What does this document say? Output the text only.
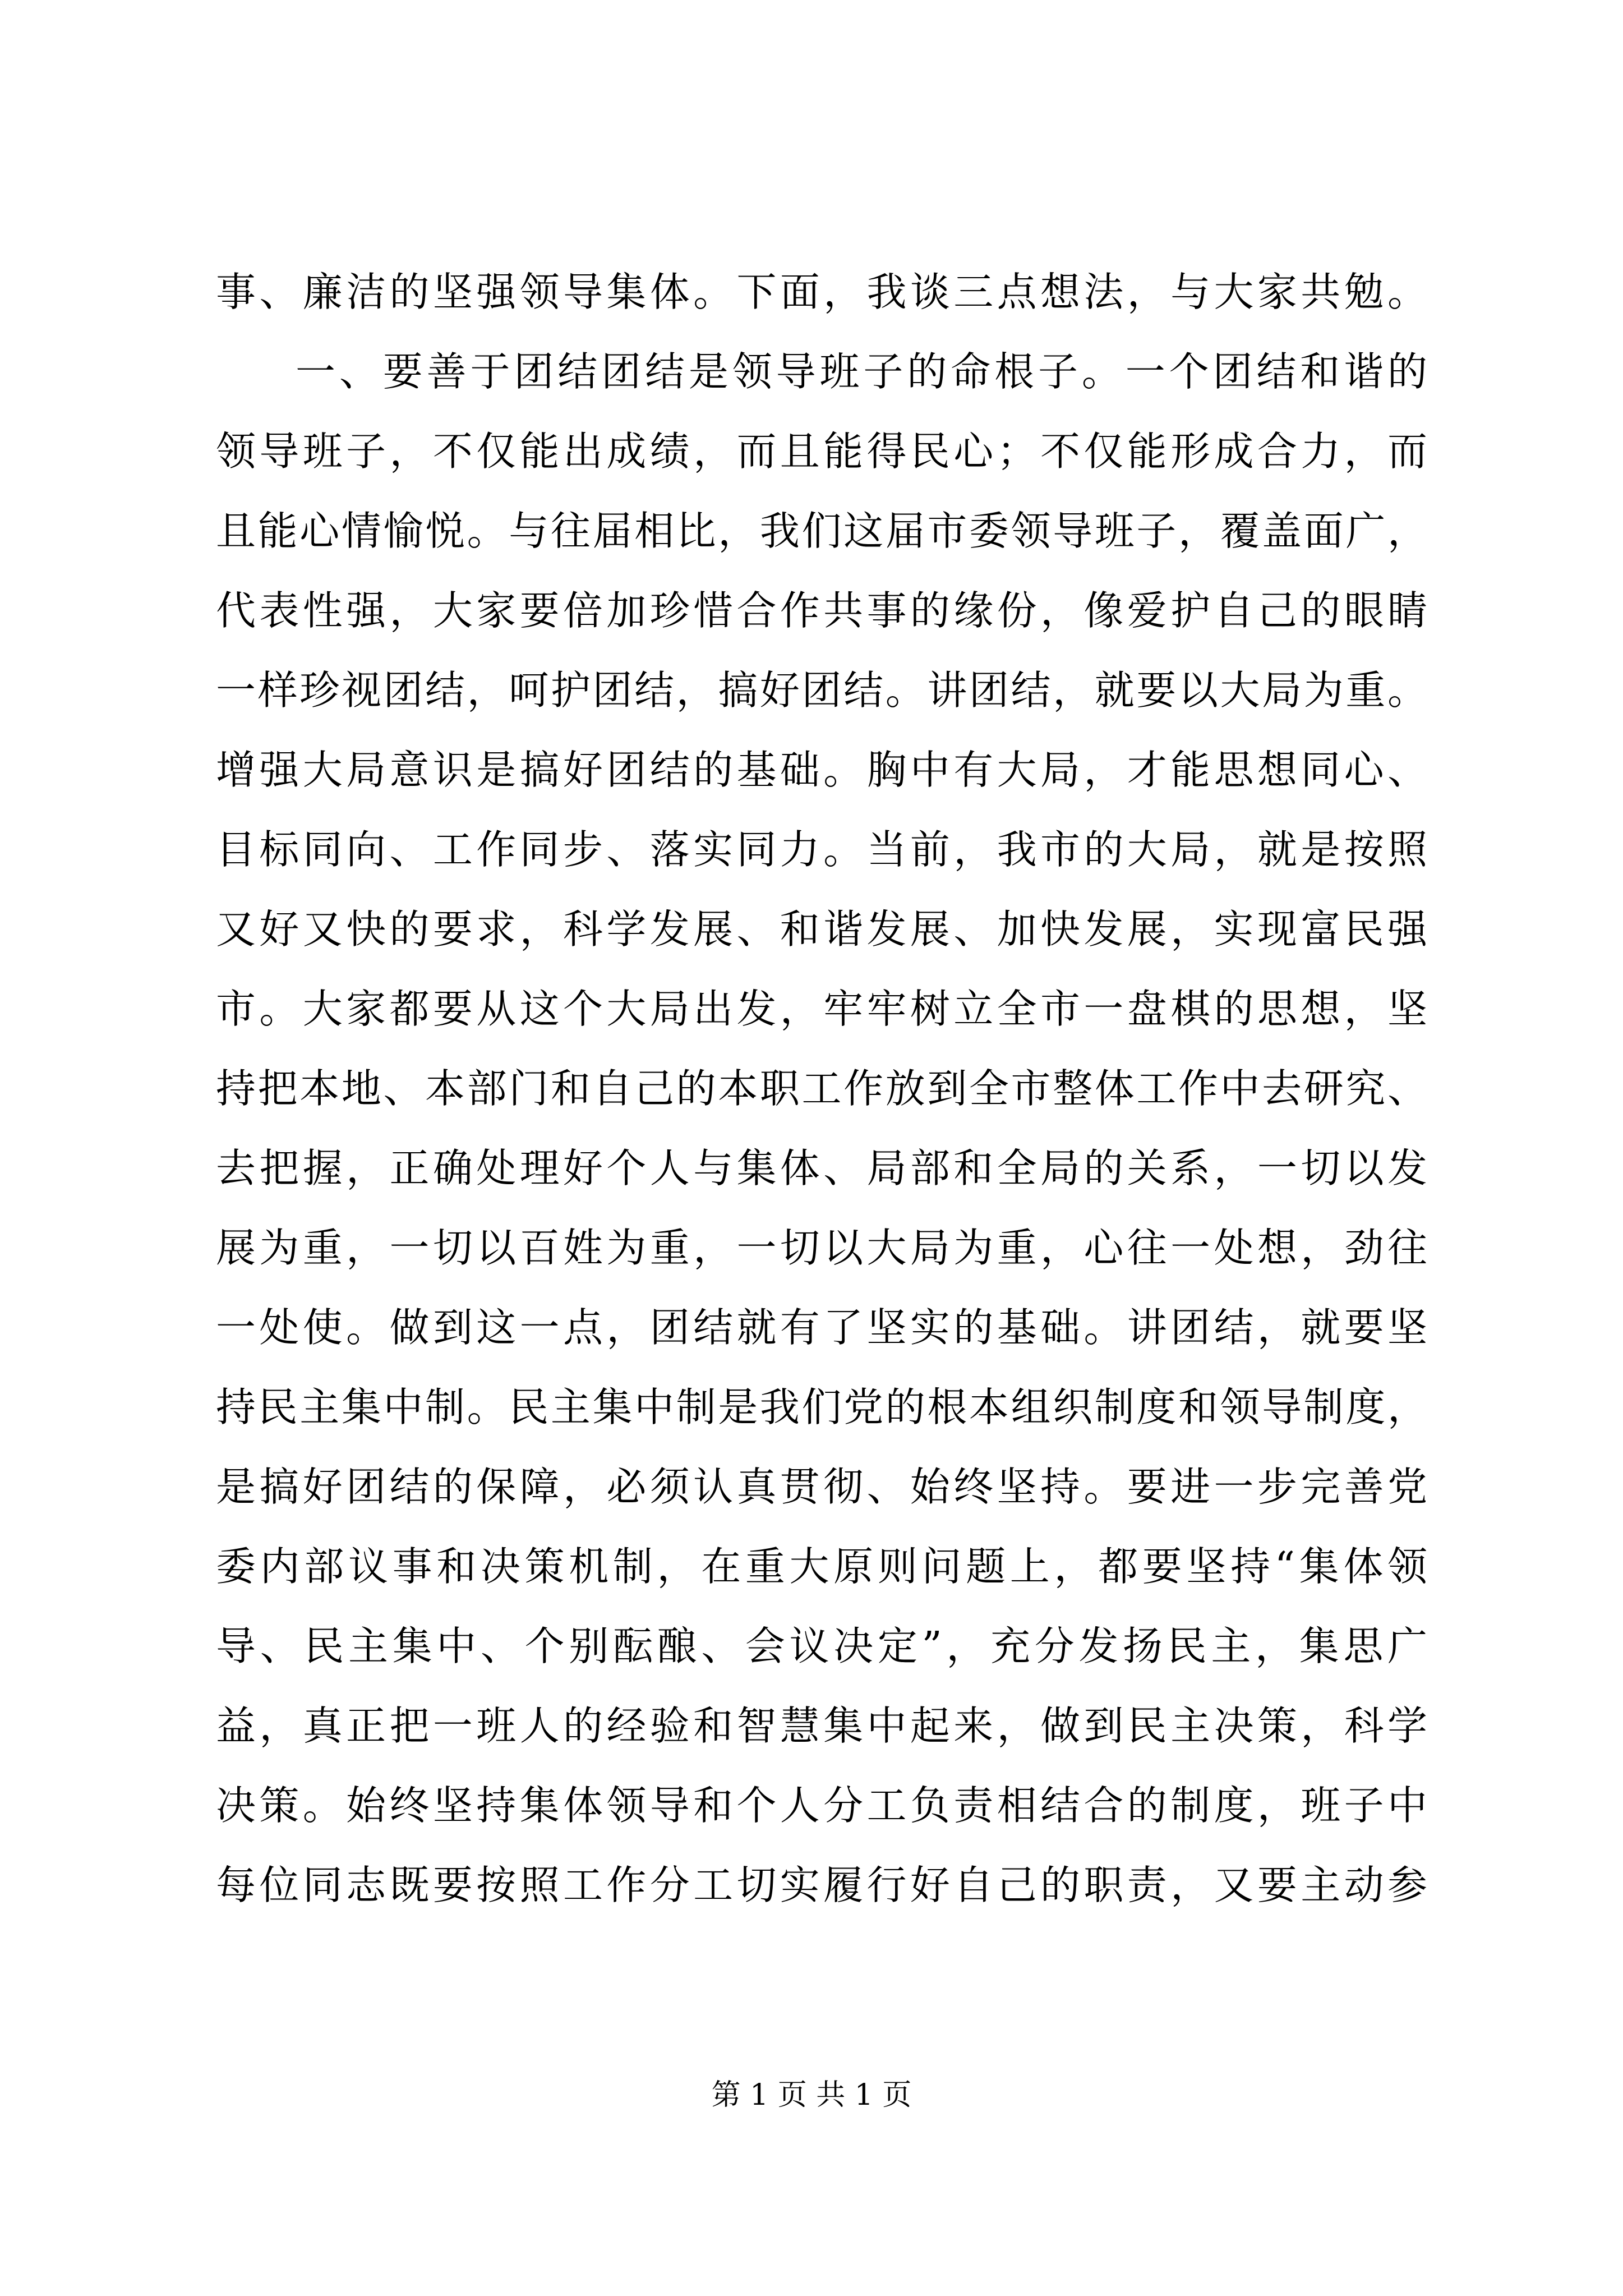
事、廉洁的坚强领导集体。下面，我谈三点想法，与大家共勉。
一、要善于团结团结是领导班子的命根子。一个团结和谐的
领导班子，不仅能出成绩，而且能得民心；不仅能形成合力，而
且能心情愉悦。与往届相比，我们这届市委领导班子，覆盖面广，
代表性强，大家要倍加珍惜合作共事的缘份，像爱护自己的眼睛
一样珍视团结，呵护团结，搞好团结。讲团结，就要以大局为重。
增强大局意识是搞好团结的基础。胸中有大局，才能思想同心、
目标同向、工作同步、落实同力。当前，我市的大局，就是按照
又好又快的要求，科学发展、和谐发展、加快发展，实现富民强
市。大家都要从这个大局出发，牢牢树立全市一盘棋的思想，坚
持把本地、本部门和自己的本职工作放到全市整体工作中去研究、
去把握，正确处理好个人与集体、局部和全局的关系，一切以发
展为重，一切以百姓为重，一切以大局为重，心往一处想，劲往
一处使。做到这一点，团结就有了坚实的基础。讲团结，就要坚
持民主集中制。民主集中制是我们党的根本组织制度和领导制度，
是搞好团结的保障，必须认真贯彻、始终坚持。要进一步完善党
委内部议事和决策机制，在重大原则问题上，都要坚持“集体领
导、民主集中、个别酝酿、会议决定”，充分发扬民主，集思广
益，真正把一班人的经验和智慧集中起来，做到民主决策，科学
决策。始终坚持集体领导和个人分工负责相结合的制度，班子中
每位同志既要按照工作分工切实履行好自己的职责，又要主动参
第 1 页 共 1 页
